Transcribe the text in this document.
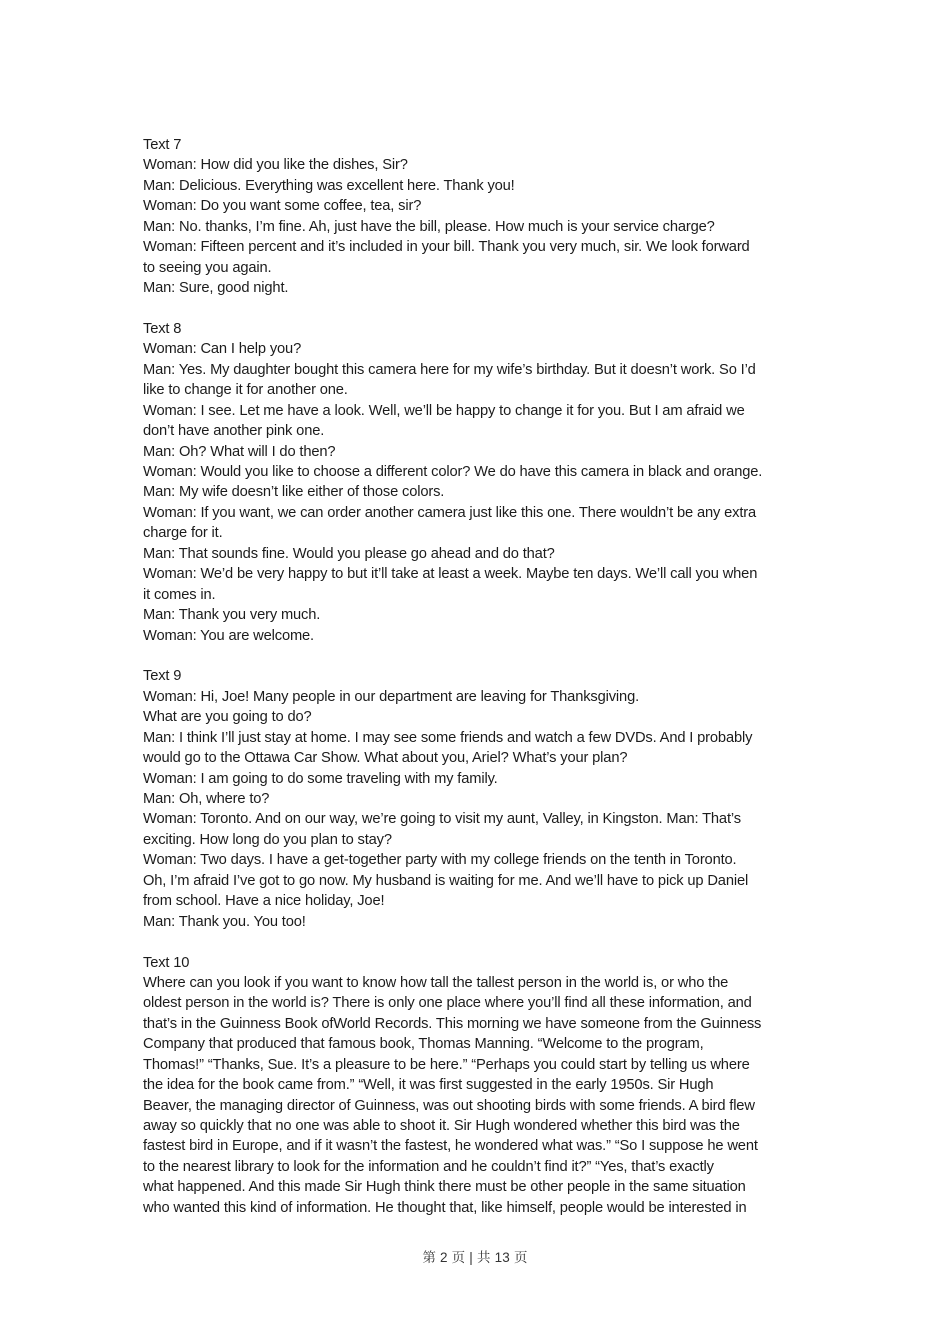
Text 7
Woman: How did you like the dishes, Sir?
Man: Delicious. Everything was excellent here. Thank you!
Woman: Do you want some coffee, tea, sir?
Man: No. thanks, I’m fine. Ah, just have the bill, please. How much is your service charge?
Woman: Fifteen percent and it’s included in your bill. Thank you very much, sir. We look forward
to seeing you again.
Man: Sure, good night.
Text 8
Woman: Can I help you?
Man: Yes. My daughter bought this camera here for my wife’s birthday. But it doesn’t work. So I’d
like to change it for another one.
Woman: I see. Let me have a look. Well, we’ll be happy to change it for you. But I am afraid we
don’t have another pink one.
Man: Oh? What will I do then?
Woman: Would you like to choose a different color? We do have this camera in black and orange.
Man: My wife doesn’t like either of those colors.
Woman: If you want, we can order another camera just like this one. There wouldn’t be any extra
charge for it.
Man: That sounds fine. Would you please go ahead and do that?
Woman: We’d be very happy to but it’ll take at least a week. Maybe ten days. We’ll call you when
it comes in.
Man: Thank you very much.
Woman: You are welcome.
Text 9
Woman: Hi, Joe! Many people in our department are leaving for Thanksgiving.
What are you going to do?
Man: I think I’ll just stay at home. I may see some friends and watch a few DVDs. And I probably
would go to the Ottawa Car Show. What about you, Ariel? What’s your plan?
Woman: I am going to do some traveling with my family.
Man: Oh, where to?
Woman: Toronto. And on our way, we’re going to visit my aunt, Valley, in Kingston. Man: That’s
exciting. How long do you plan to stay?
Woman: Two days. I have a get-together party with my college friends on the tenth in Toronto.
Oh, I’m afraid I’ve got to go now. My husband is waiting for me. And we’ll have to pick up Daniel
from school. Have a nice holiday, Joe!
Man: Thank you. You too!
Text 10
Where can you look if you want to know how tall the tallest person in the world is, or who the
oldest person in the world is? There is only one place where you’ll find all these information, and
that’s in the Guinness Book ofWorld Records. This morning we have someone from the Guinness
Company that produced that famous book, Thomas Manning. “Welcome to the program,
Thomas!” “Thanks, Sue. It’s a pleasure to be here.” “Perhaps you could start by telling us where
the idea for the book came from.” “Well, it was first suggested in the early 1950s. Sir Hugh
Beaver, the managing director of Guinness, was out shooting birds with some friends. A bird flew
away so quickly that no one was able to shoot it. Sir Hugh wondered whether this bird was the
fastest bird in Europe, and if it wasn’t the fastest, he wondered what was.” “So I suppose he went
to the nearest library to look for the information and he couldn’t find it?” “Yes, that’s exactly
what happened. And this made Sir Hugh think there must be other people in the same situation
who wanted this kind of information. He thought that, like himself, people would be interested in
第 2 页 | 共 13 页
